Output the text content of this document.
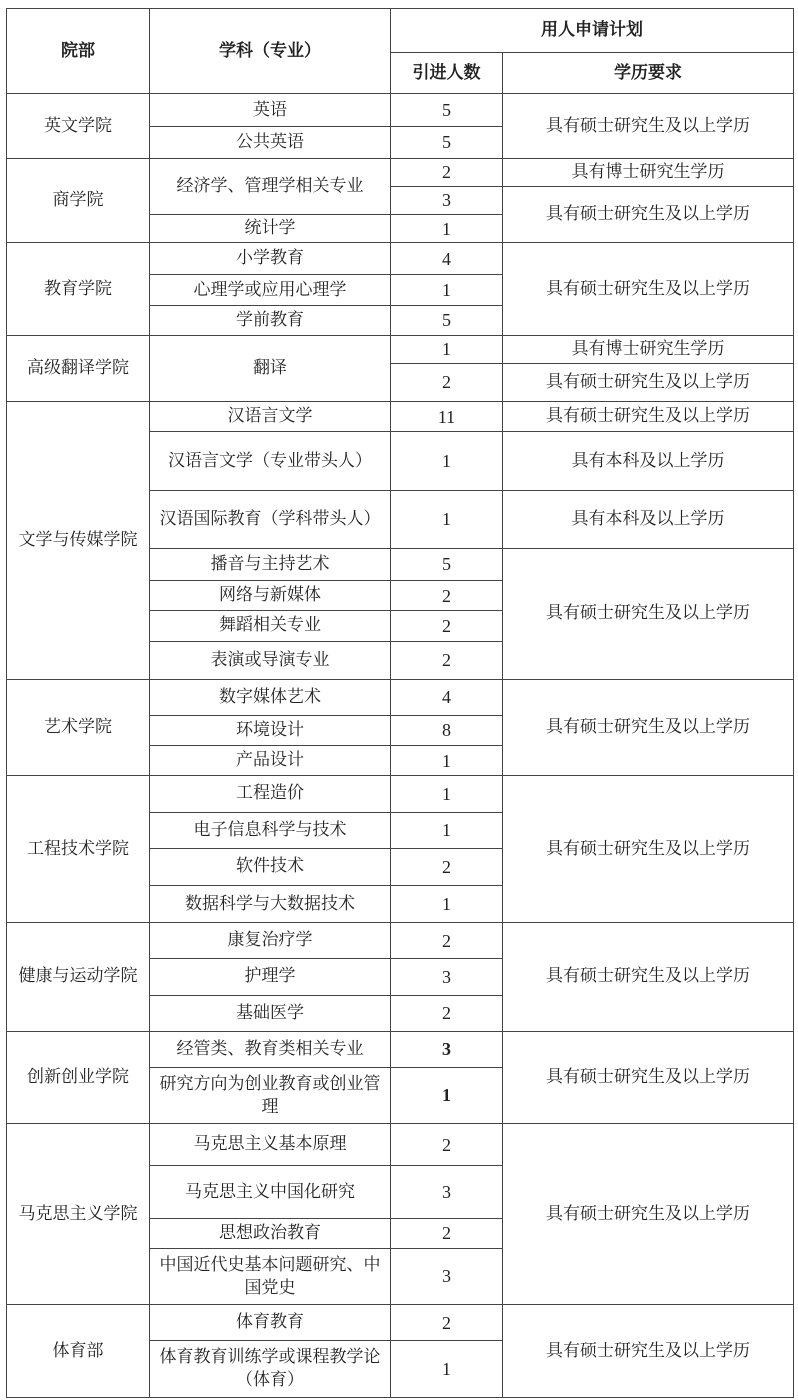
院部	学科（专业）	用人申请计划	
		引进人数	学历要求
英文学院	英语	5	具有硕士研究生及以上学历
	公共英语	5	
商学院	经济学、管理学相关专业	2	具有博士研究生学历
		3	具有硕士研究生及以上学历
	统计学	1	
教育学院	小学教育	4	具有硕士研究生及以上学历
	心理学或应用心理学	1	
	学前教育	5	
高级翻译学院	翻译	1	具有博士研究生学历
		2	具有硕士研究生及以上学历
文学与传媒学院	汉语言文学	11	具有硕士研究生及以上学历
	汉语言文学（专业带头人）	1	具有本科及以上学历
	汉语国际教育（学科带头人）	1	具有本科及以上学历
	播音与主持艺术	5	具有硕士研究生及以上学历
	网络与新媒体	2	
	舞蹈相关专业	2	
	表演或导演专业	2	
艺术学院	数字媒体艺术	4	具有硕士研究生及以上学历
	环境设计	8	
	产品设计	1	
工程技术学院	工程造价	1	具有硕士研究生及以上学历
	电子信息科学与技术	1	
	软件技术	2	
	数据科学与大数据技术	1	
健康与运动学院	康复治疗学	2	具有硕士研究生及以上学历
	护理学	3	
	基础医学	2	
创新创业学院	经管类、教育类相关专业	3	具有硕士研究生及以上学历
	研究方向为创业教育或创业管理	1	
马克思主义学院	马克思主义基本原理	2	具有硕士研究生及以上学历
	马克思主义中国化研究	3	
	思想政治教育	2	
	中国近代史基本问题研究、中国党史	3	
体育部	体育教育	2	具有硕士研究生及以上学历
	体育教育训练学或课程教学论（体育）	1	
